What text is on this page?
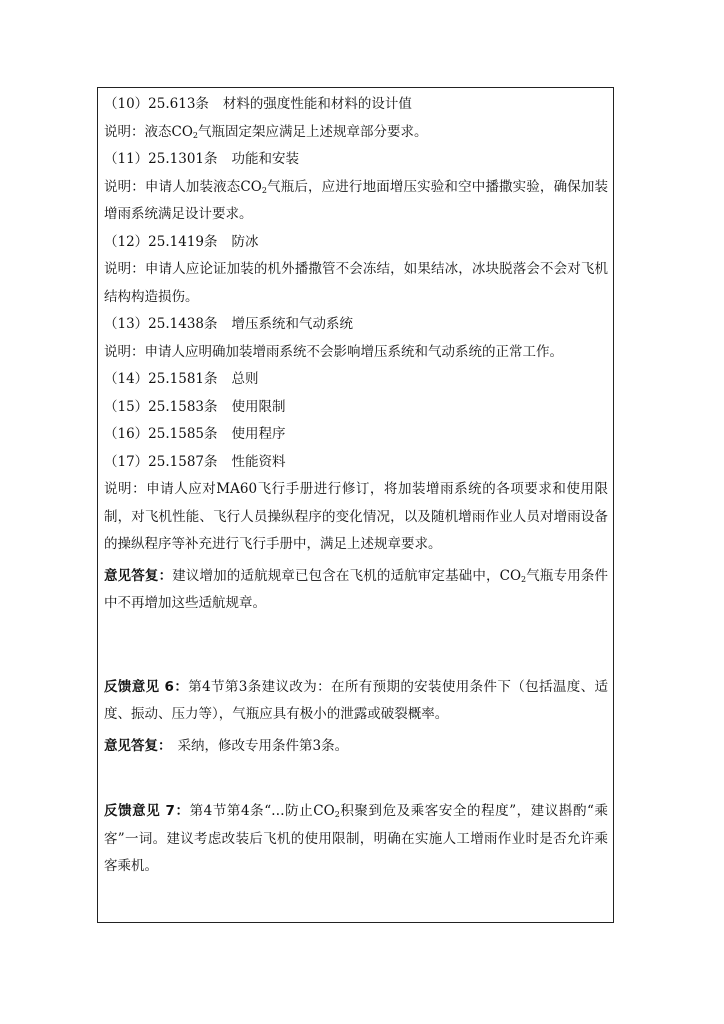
（10）25.613条 材料的强度性能和材料的设计值
说明：液态$CO_2$气瓶固定架应满足上述规章部分要求。
（11）25.1301条 功能和安装
说明：申请人加装液态$CO_2$气瓶后，应进行地面增压实验和空中播撒实验，确保加装增雨系统满足设计要求。
（12）25.1419条 防冰
说明：申请人应论证加装的机外播撒管不会冻结，如果结冰，冰块脱落会不会对飞机结构构造损伤。
（13）25.1438条 增压系统和气动系统
说明：申请人应明确加装增雨系统不会影响增压系统和气动系统的正常工作。
（14）25.1581条 总则
（15）25.1583条 使用限制
（16）25.1585条 使用程序
（17）25.1587条 性能资料
说明：申请人应对MA60飞行手册进行修订，将加装增雨系统的各项要求和使用限制，对飞机性能、飞行人员操纵程序的变化情况，以及随机增雨作业人员对增雨设备的操纵程序等补充进行飞行手册中，满足上述规章要求。
意见答复：建议增加的适航规章已包含在飞机的适航审定基础中，$CO_2$气瓶专用条件中不再增加这些适航规章。
反馈意见 6：第4节第3条建议改为：在所有预期的安装使用条件下（包括温度、适度、振动、压力等），气瓶应具有极小的泄露或破裂概率。
意见答复： 采纳，修改专用条件第3条。
反馈意见 7：第4节第4条“…防止$CO_2$积聚到危及乘客安全的程度”，建议斟酌“乘客”一词。建议考虑改装后飞机的使用限制，明确在实施人工增雨作业时是否允许乘客乘机。
